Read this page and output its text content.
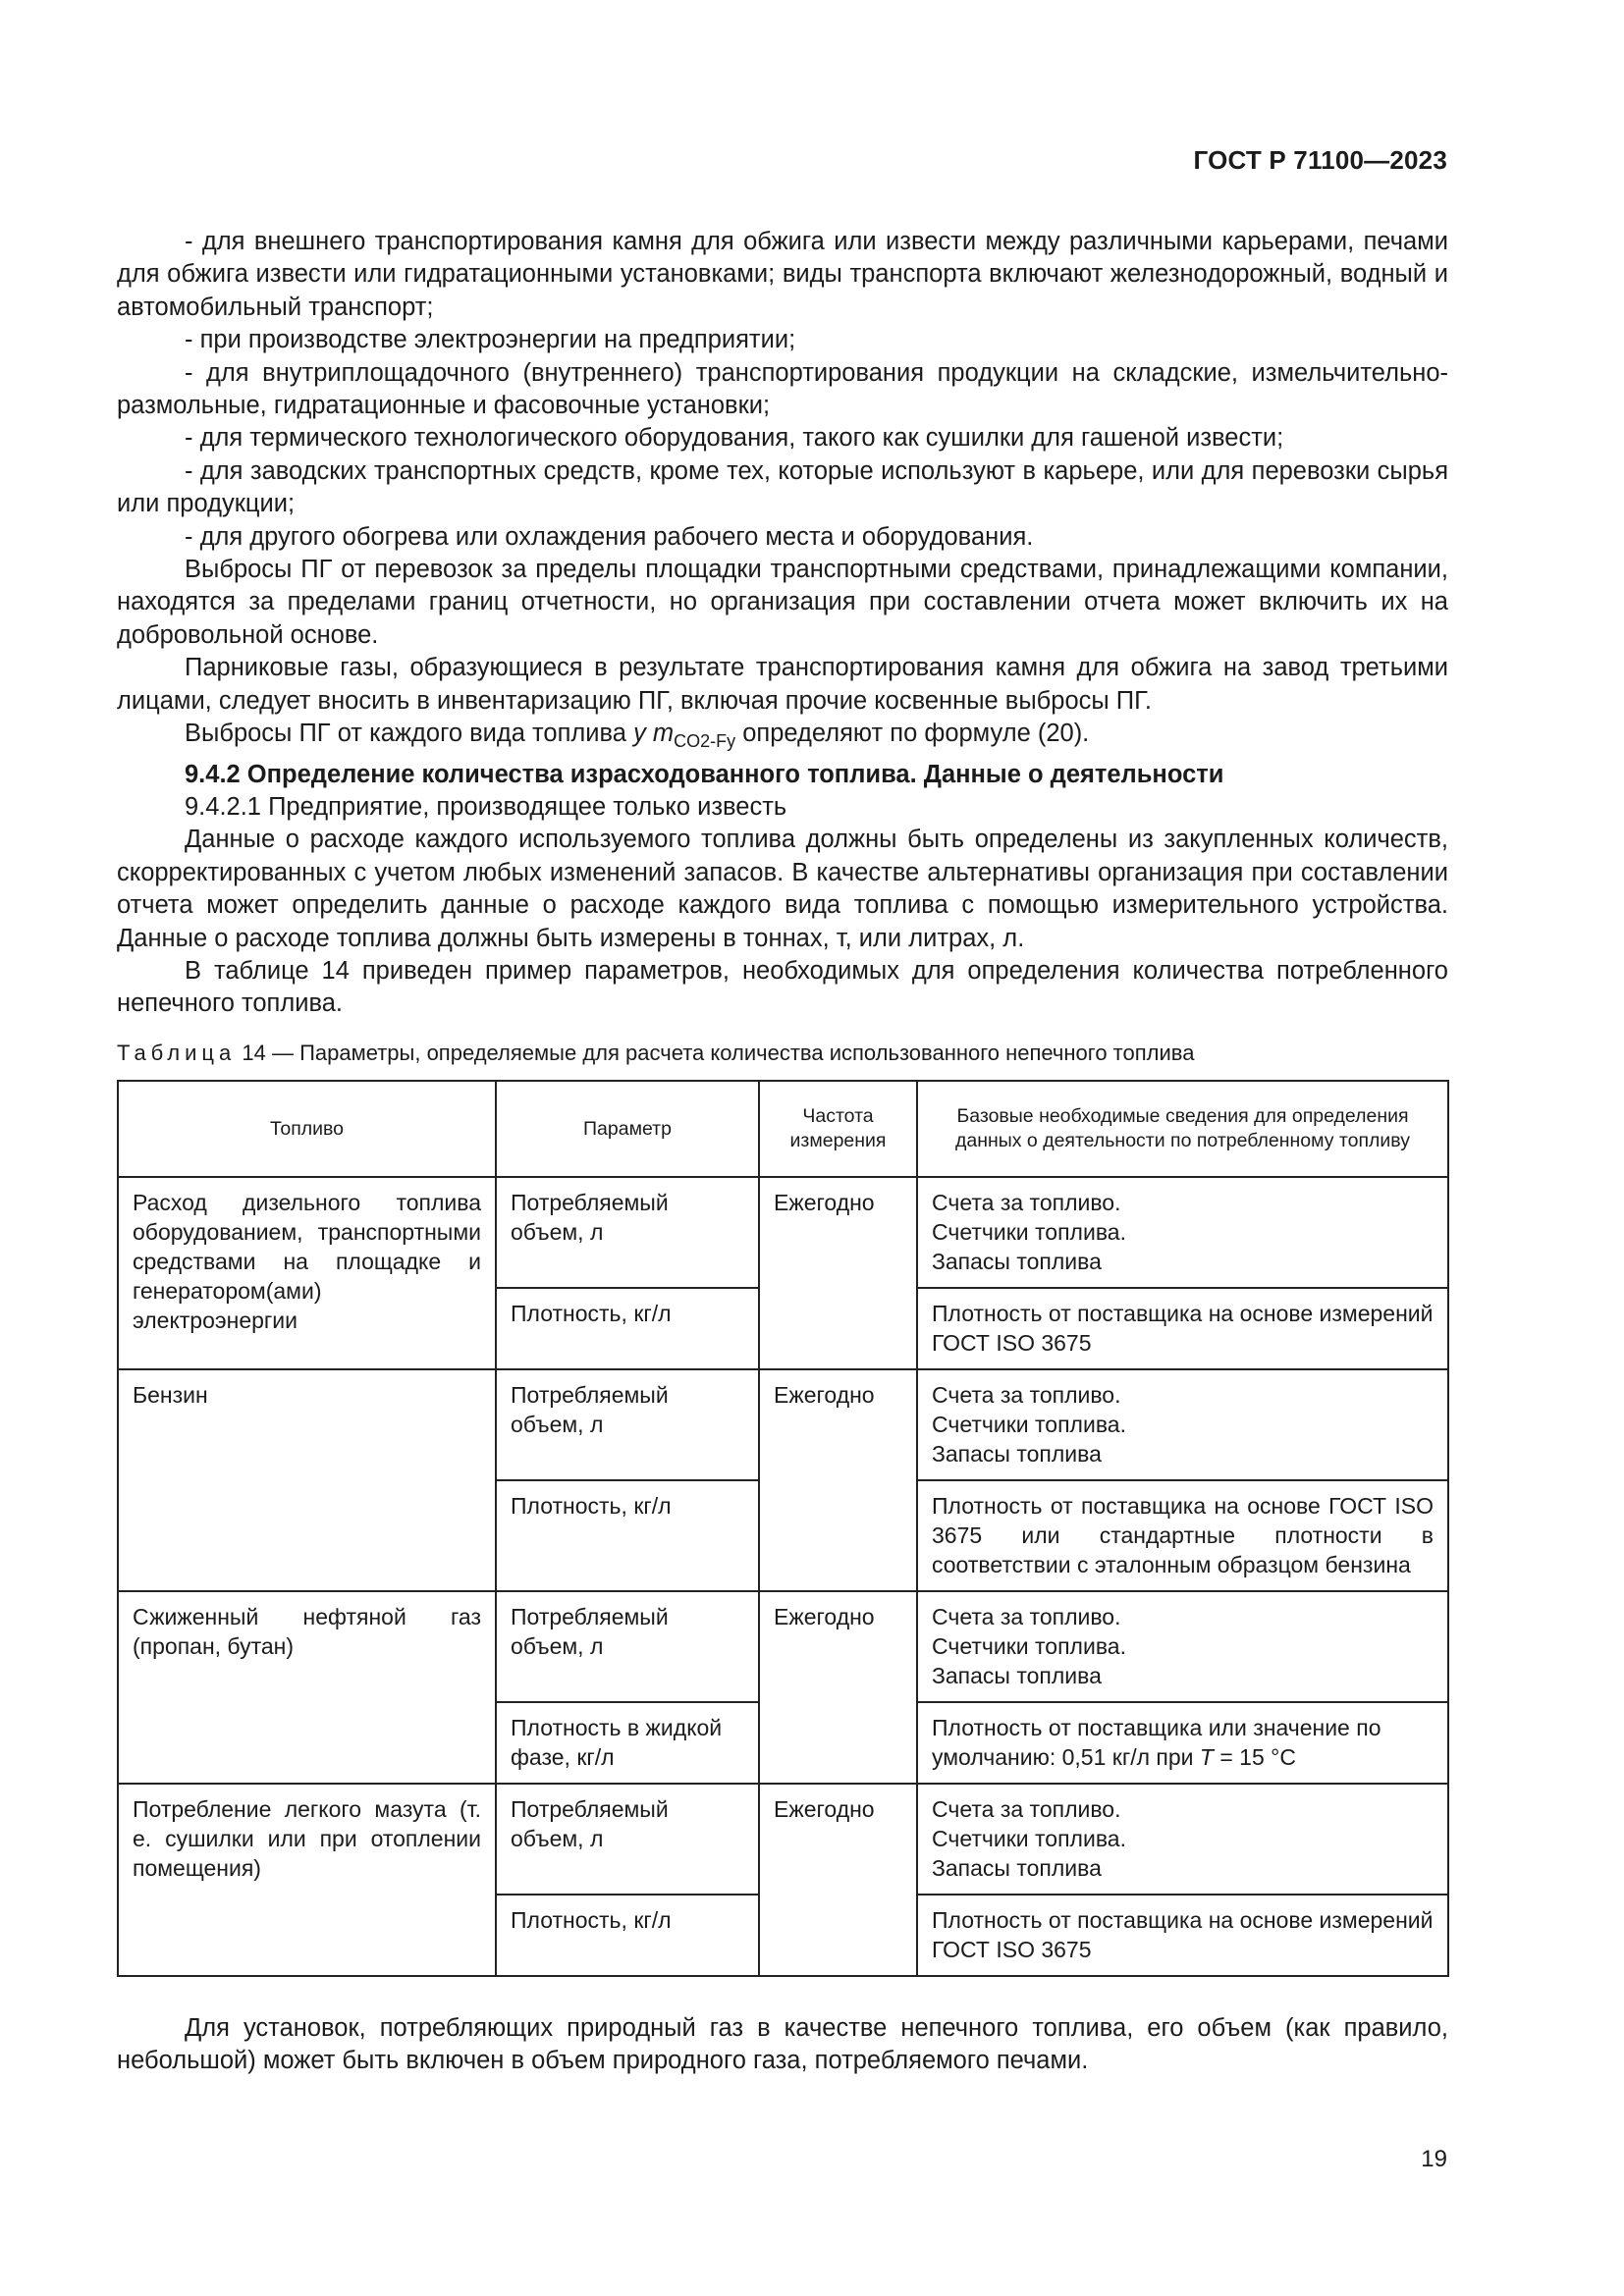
ГОСТ Р 71100—2023

- для внешнего транспортирования камня для обжига или извести между различными карьерами, печами для обжига извести или гидратационными установками; виды транспорта включают железнодорожный, водный и автомобильный транспорт;

- при производстве электроэнергии на предприятии;

- для внутриплощадочного (внутреннего) транспортирования продукции на складские, измельчительно-размольные, гидратационные и фасовочные установки;

- для термического технологического оборудования, такого как сушилки для гашеной извести;

- для заводских транспортных средств, кроме тех, которые используют в карьере, или для перевозки сырья или продукции;

- для другого обогрева или охлаждения рабочего места и оборудования.

Выбросы ПГ от перевозок за пределы площадки транспортными средствами, принадлежащими компании, находятся за пределами границ отчетности, но организация при составлении отчета может включить их на добровольной основе.

Парниковые газы, образующиеся в результате транспортирования камня для обжига на завод третьими лицами, следует вносить в инвентаризацию ПГ, включая прочие косвенные выбросы ПГ.

Выбросы ПГ от каждого вида топлива y $m_{CO2-Fy}$ определяют по формуле (20).

9.4.2 Определение количества израсходованного топлива. Данные о деятельности

9.4.2.1 Предприятие, производящее только известь

Данные о расходе каждого используемого топлива должны быть определены из закупленных количеств, скорректированных с учетом любых изменений запасов. В качестве альтернативы организация при составлении отчета может определить данные о расходе каждого вида топлива с помощью измерительного устройства. Данные о расходе топлива должны быть измерены в тоннах, т, или литрах, л.

В таблице 14 приведен пример параметров, необходимых для определения количества потребленного непечного топлива.

Таблица 14 — Параметры, определяемые для расчета количества использованного непечного топлива
Топливо	Параметр	Частота измерения	Базовые необходимые сведения для определения данных о деятельности по потребленному топливу
Расход дизельного топлива оборудованием, транспортными средствами на площадке и генератором(ами) электроэнергии	Потребляемый объем, л	Ежегодно	Счета за топливо.
Счетчики топлива.
Запасы топлива

	Плотность, кг/л		Плотность от поставщика на основе измерений ГОСТ ISO 3675
Бензин	Потребляемый объем, л	Ежегодно	Счета за топливо.
Счетчики топлива.
Запасы топлива

	Плотность, кг/л		Плотность от поставщика на основе ГОСТ ISO 3675 или стандартные плотности в соответствии с эталонным образцом бензина
Сжиженный нефтяной газ (пропан, бутан)	Потребляемый объем, л	Ежегодно	Счета за топливо.
Счетчики топлива.
Запасы топлива

	Плотность в жидкой фазе, кг/л		Плотность от поставщика или значение по умолчанию: 0,51 кг/л при T = 15 °С
Потребление легкого мазута (т. е. сушилки или при отоплении помещения)	Потребляемый объем, л	Ежегодно	Счета за топливо.
Счетчики топлива.
Запасы топлива

	Плотность, кг/л		Плотность от поставщика на основе измерений ГОСТ ISO 3675
Для установок, потребляющих природный газ в качестве непечного топлива, его объем (как правило, небольшой) может быть включен в объем природного газа, потребляемого печами.
19
